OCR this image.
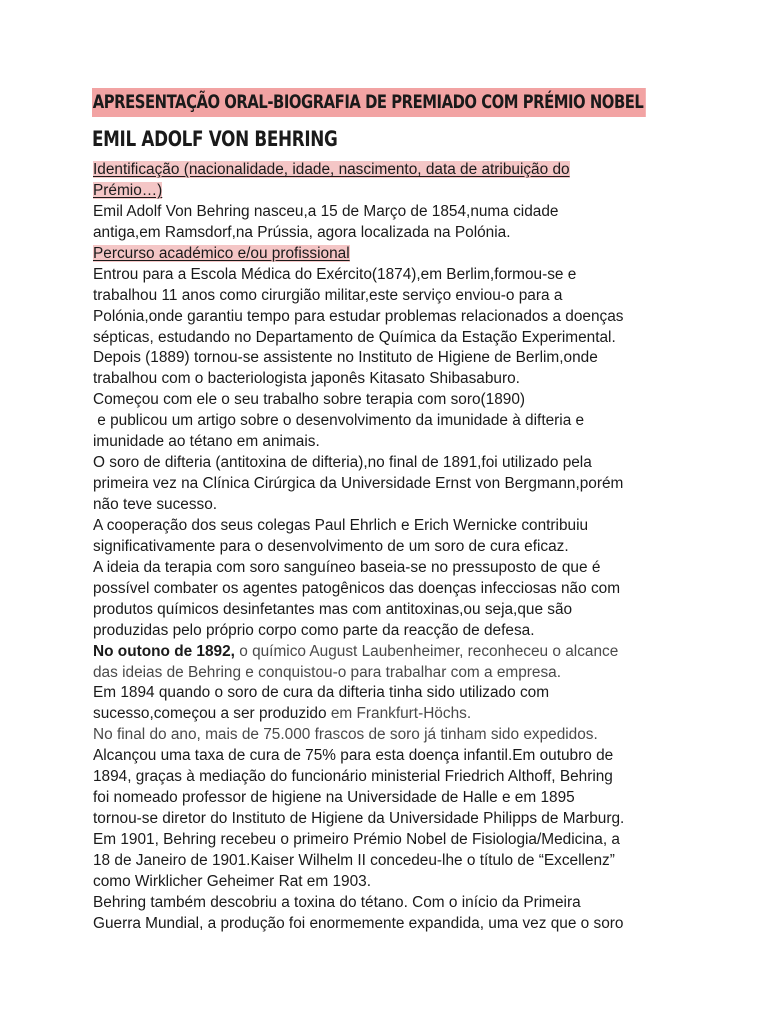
APRESENTAÇÃO ORAL-BIOGRAFIA DE PREMIADO COM PRÉMIO NOBEL
EMIL ADOLF VON BEHRING
Identificação (nacionalidade, idade, nascimento, data de atribuição do
Prémio…)
Emil Adolf Von Behring nasceu,a 15 de Março de 1854,numa cidade
antiga,em Ramsdorf,na Prússia, agora localizada na Polónia.
Percurso académico e/ou profissional
Entrou para a Escola Médica do Exército(1874),em Berlim,formou-se e
trabalhou 11 anos como cirurgião militar,este serviço enviou-o para a
Polónia,onde garantiu tempo para estudar problemas relacionados a doenças
sépticas, estudando no Departamento de Química da Estação Experimental.
Depois (1889) tornou-se assistente no Instituto de Higiene de Berlim,onde
trabalhou com o bacteriologista japonês Kitasato Shibasaburo.
Começou com ele o seu trabalho sobre terapia com soro(1890)
e publicou um artigo sobre o desenvolvimento da imunidade à difteria e
imunidade ao tétano em animais.
O soro de difteria (antitoxina de difteria),no final de 1891,foi utilizado pela
primeira vez na Clínica Cirúrgica da Universidade Ernst von Bergmann,porém
não teve sucesso.
A cooperação dos seus colegas Paul Ehrlich e Erich Wernicke contribuiu
significativamente para o desenvolvimento de um soro de cura eficaz.
A ideia da terapia com soro sanguíneo baseia-se no pressuposto de que é
possível combater os agentes patogênicos das doenças infecciosas não com
produtos químicos desinfetantes mas com antitoxinas,ou seja,que são
produzidas pelo próprio corpo como parte da reacção de defesa.
No outono de 1892, o químico August Laubenheimer, reconheceu o alcance
das ideias de Behring e conquistou-o para trabalhar com a empresa.
Em 1894 quando o soro de cura da difteria tinha sido utilizado com
sucesso,começou a ser produzido em Frankfurt-Höchs.
No final do ano, mais de 75.000 frascos de soro já tinham sido expedidos.
Alcançou uma taxa de cura de 75% para esta doença infantil.Em outubro de
1894, graças à mediação do funcionário ministerial Friedrich Althoff, Behring
foi nomeado professor de higiene na Universidade de Halle e em 1895
tornou-se diretor do Instituto de Higiene da Universidade Philipps de Marburg.
Em 1901, Behring recebeu o primeiro Prémio Nobel de Fisiologia/Medicina, a
18 de Janeiro de 1901.Kaiser Wilhelm II concedeu-lhe o título de “Excellenz”
como Wirklicher Geheimer Rat em 1903.
Behring também descobriu a toxina do tétano. Com o início da Primeira
Guerra Mundial, a produção foi enormemente expandida, uma vez que o soro
